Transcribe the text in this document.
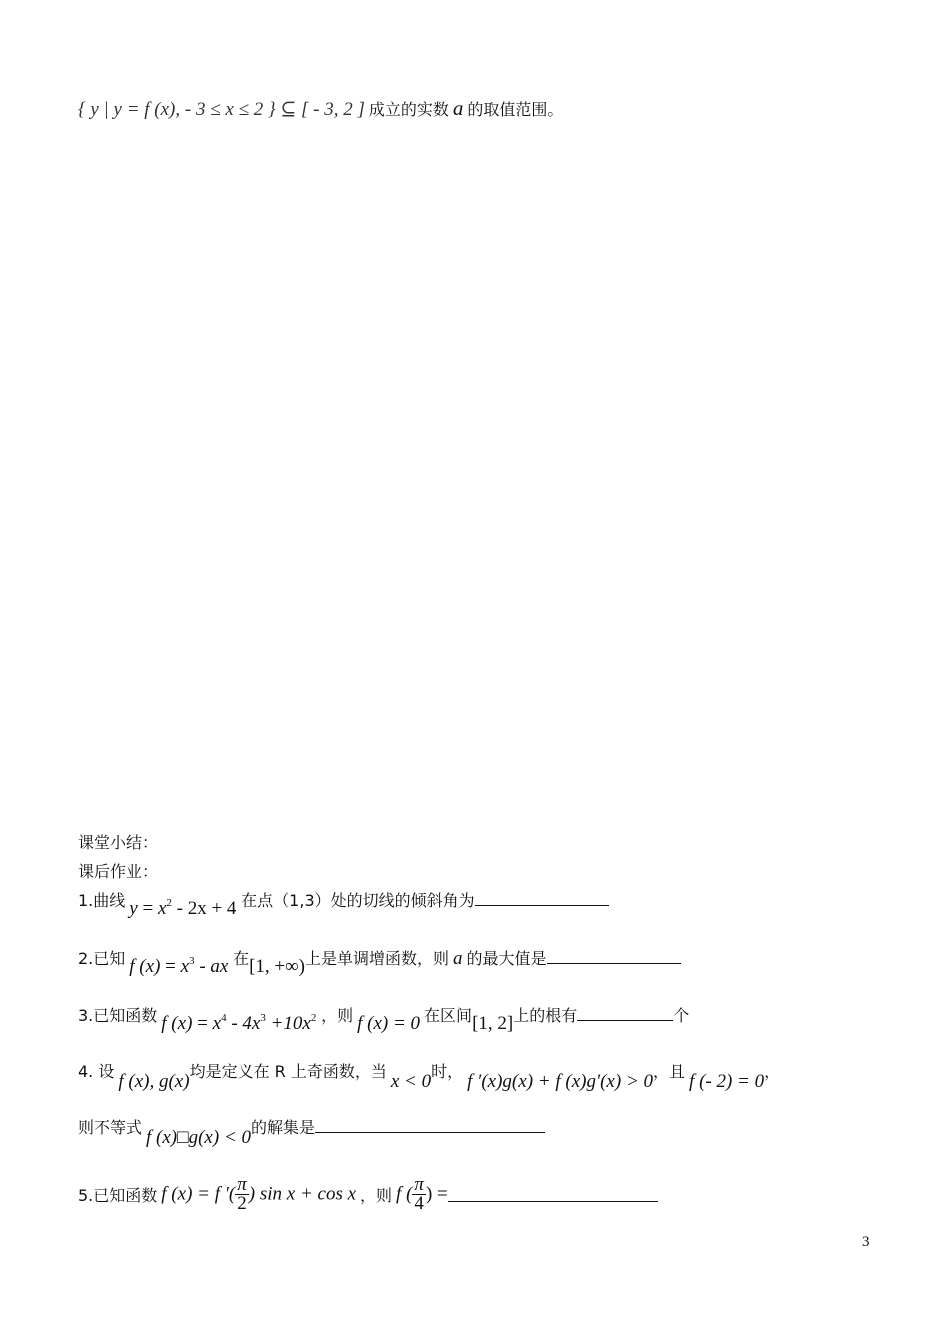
{ y | y = f (x), - 3 ≤ x ≤ 2 } ⊆ [ - 3, 2 ] 成立的实数 a 的取值范围。
课堂小结：
课后作业：
1.曲线 $y = x^2 - 2x + 4$ 在点（1,3）处的切线的倾斜角为
2.已知 f $(x) = x^3$ - ax 在[1, +∞)上是单调增函数，则 a 的最大值是
3.已知函数 f $(x) = x^4 - 4x^3 +10x^2$ ，则 f (x) = 0 在区间[1, 2]上的根有	个
4. 设 f (x), g(x)均是定义在 R 上奇函数，当 x < 0时， f ′(x)g(x) + f (x)g′(x) > 0，且 f (- 2) = 0，
则不等式 f (x)□g(x) < 0的解集是
5.已知函数 f (x) = f ′( $\frac{\pi}{2}$ ) sin x + cos x ，则 f ( $\frac{\pi}{4}$ ) =
3
